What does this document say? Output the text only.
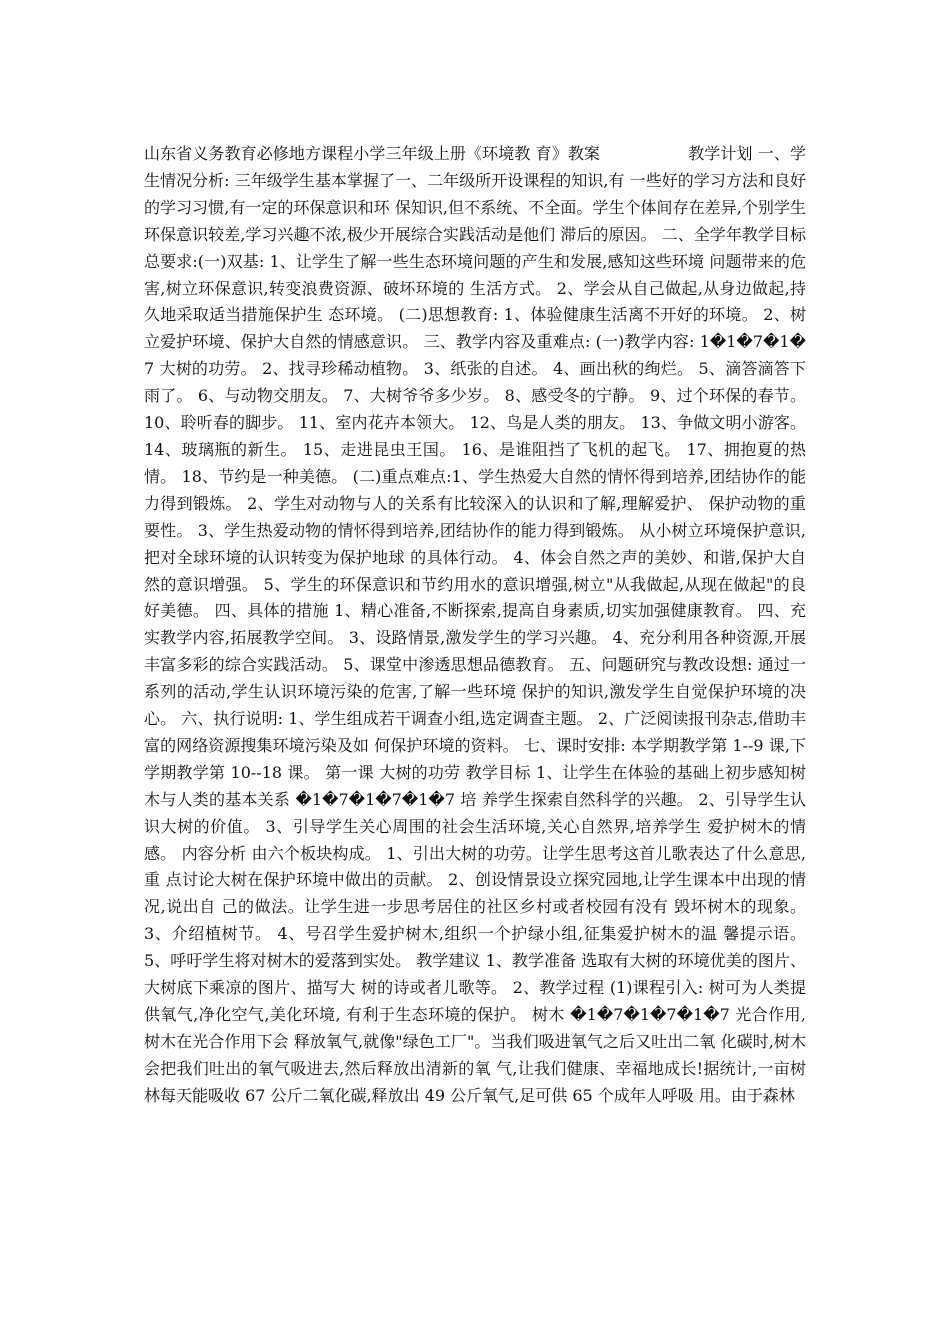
山东省义务教育必修地方课程小学三年级上册《环境教 育》教案                 教学计划 一、学生情况分析: 三年级学生基本掌握了一、二年级所开设课程的知识,有 一些好的学习方法和良好的学习习惯,有一定的环保意识和环 保知识,但不系统、不全面。学生个体间存在差异,个别学生 环保意识较差,学习兴趣不浓,极少开展综合实践活动是他们 滞后的原因。 二、全学年教学目标总要求:(一)双基: 1、让学生了解一些生态环境问题的产生和发展,感知这些环境 问题带来的危害,树立环保意识,转变浪费资源、破坏环境的 生活方式。 2、学会从自己做起,从身边做起,持久地采取适当措施保护生 态环境。 (二)思想教育: 1、体验健康生活离不开好的环境。 2、树立爱护环境、保护大自然的情感意识。 三、教学内容及重难点: (一)教学内容: 1�1�7�1�7 大树的功劳。 2、找寻珍稀动植物。 3、纸张的自述。 4、画出秋的绚烂。 5、滴答滴答下雨了。 6、与动物交朋友。 7、大树爷爷多少岁。 8、感受冬的宁静。 9、过个环保的春节。 10、聆听春的脚步。 11、室内花卉本领大。 12、鸟是人类的朋友。 13、争做文明小游客。 14、玻璃瓶的新生。 15、走进昆虫王国。 16、是谁阻挡了飞机的起飞。 17、拥抱夏的热情。 18、节约是一种美德。 (二)重点难点:1、学生热爱大自然的情怀得到培养,团结协作的能力得到锻炼。 2、学生对动物与人的关系有比较深入的认识和了解,理解爱护、 保护动物的重要性。 3、学生热爱动物的情怀得到培养,团结协作的能力得到锻炼。 从小树立环境保护意识,把对全球环境的认识转变为保护地球 的具体行动。 4、体会自然之声的美妙、和谐,保护大自然的意识增强。 5、学生的环保意识和节约用水的意识增强,树立"从我做起,从现在做起"的良好美德。 四、具体的措施 1、精心准备,不断探索,提高自身素质,切实加强健康教育。 四、充实教学内容,拓展教学空间。 3、设路情景,激发学生的学习兴趣。 4、充分利用各种资源,开展丰富多彩的综合实践活动。 5、课堂中渗透思想品德教育。 五、问题研究与教改设想: 通过一系列的活动,学生认识环境污染的危害,了解一些环境 保护的知识,激发学生自觉保护环境的决心。 六、执行说明: 1、学生组成若干调查小组,选定调查主题。 2、广泛阅读报刊杂志,借助丰富的网络资源搜集环境污染及如 何保护环境的资料。 七、课时安排: 本学期教学第 1--9 课,下学期教学第 10--18 课。 第一课 大树的功劳 教学目标 1、让学生在体验的基础上初步感知树木与人类的基本关系 �1�7�1�7�1�7 培 养学生探索自然科学的兴趣。 2、引导学生认识大树的价值。 3、引导学生关心周围的社会生活环境,关心自然界,培养学生 爱护树木的情感。 内容分析 由六个板块构成。 1、引出大树的功劳。让学生思考这首儿歌表达了什么意思,重 点讨论大树在保护环境中做出的贡献。 2、创设情景设立探究园地,让学生课本中出现的情况,说出自 己的做法。让学生进一步思考居住的社区乡村或者校园有没有 毁坏树木的现象。 3、介绍植树节。 4、号召学生爱护树木,组织一个护绿小组,征集爱护树木的温 馨提示语。 5、呼吁学生将对树木的爱落到实处。 教学建议 1、教学准备 选取有大树的环境优美的图片、大树底下乘凉的图片、描写大 树的诗或者儿歌等。 2、教学过程 (1)课程引入: 树可为人类提供氧气,净化空气,美化环境, 有利于生态环境的保护。 树木 �1�7�1�7�1�7 光合作用,树木在光合作用下会 释放氧气,就像"绿色工厂"。当我们吸进氧气之后又吐出二氧 化碳时,树木会把我们吐出的氧气吸进去,然后释放出清新的氧 气,让我们健康、幸福地成长!据统计,一亩树林每天能吸收 67 公斤二氧化碳,释放出 49 公斤氧气,足可供 65 个成年人呼吸 用。由于森林
